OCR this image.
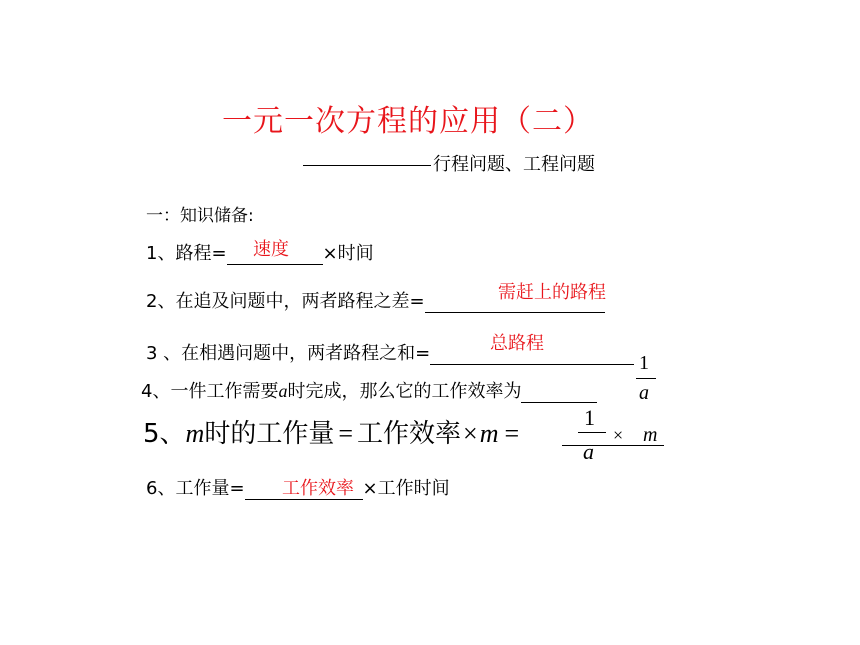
一元一次方程的应用（二）
行程问题、工程问题
一：知识储备:
1、路程=	×时间
速度
2、在追及问题中，两者路程之差=	需赶上的路程
3 、在相遇问题中，两者路程之和=	总路程
4、一件工作需要a时完成，那么它的工作效率为
1
a
5、m时的工作量 = 工作效率×m =
1
a
× m
6、工作量=	×工作时间
工作效率
